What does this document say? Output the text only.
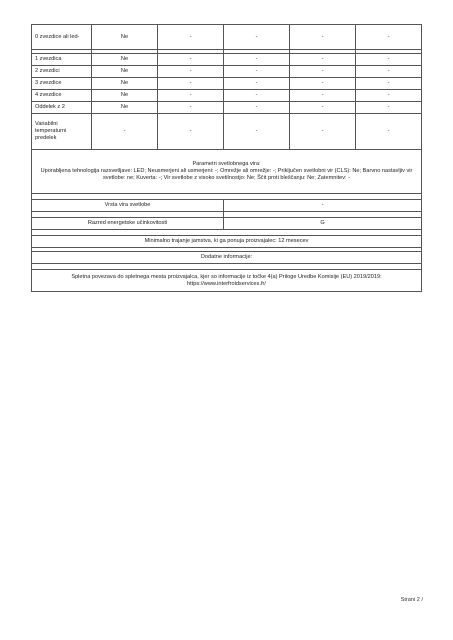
0 zvezdice ali led-	Ne	-	-	-	-

1 zvezdica	Ne	-	-	-	-
2 zvezdici	Ne	-	-	-	-
3 zvezdice	Ne	-	-	-	-
4 zvezdice	Ne	-	-	-	-
Oddelek z 2	Ne	-	-	-	-
Variabilni temperaturni predelek	-	-	-	-	-

Parametri svetlobnega vira:
Uporabljena tehnologija razsvetljave: LED; Neusmerjeni ali usmerjeni: -; Omrežje ali omrežje: -; Priključen svetlobni vir (CLS): Ne; Barvno nastavljiv vir svetlobe: ne; Kuverta: -; Vir svetlobe z visoko svetilnostjo: Ne; Ščit proti bleščanju: Ne; Zatemnitev: -					

Vrsta vira svetlobe			-		

Razred energetske učinkovitosti			G		

Minimalno trajanje jamstva, ki ga ponuja proizvajalec: 12 mesecev					

Dodatne informacije:					

Spletna povezava do spletnega mesta proizvajalca, kjer so informacije iz točke 4(a) Priloge Uredbe Komisije (EU) 2019/2019: https://www.interfroidservices.fr/					
Strani 2 /
